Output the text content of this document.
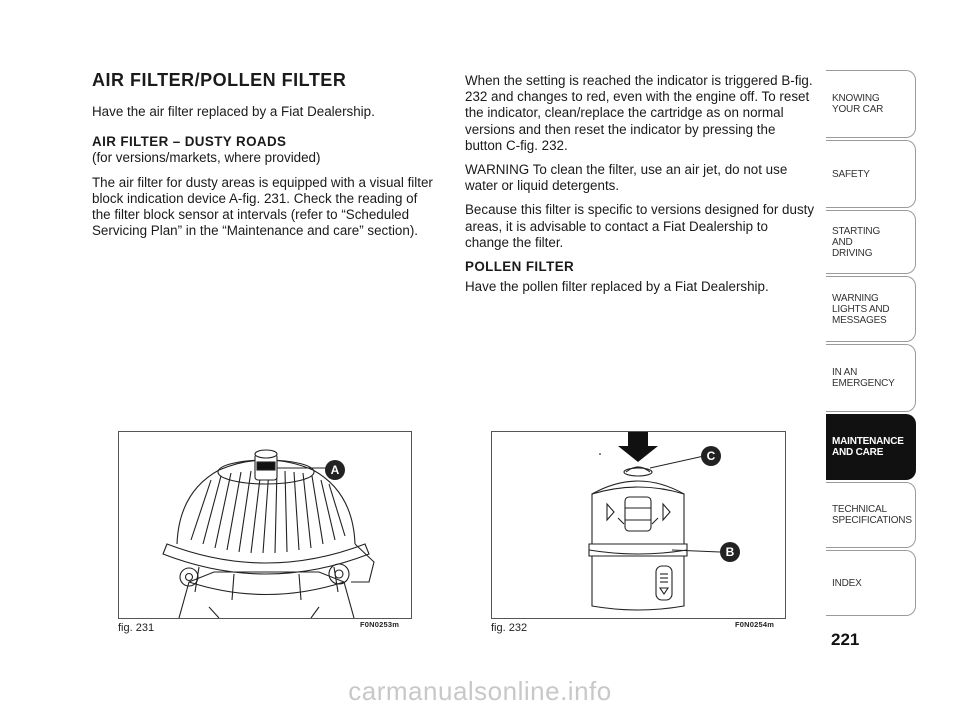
AIR FILTER/POLLEN FILTER

Have the air filter replaced by a Fiat Dealership.

AIR FILTER – DUSTY ROADS

(for versions/markets, where provided)

The air filter for dusty areas is equipped with a visual filter block indication device A-fig. 231. Check the reading of the filter block sensor at intervals (refer to “Scheduled Servicing Plan” in the “Maintenance and care” section).

When the setting is reached the indicator is triggered B-fig. 232 and changes to red, even with the engine off. To reset the indicator, clean/replace the cartridge as on normal versions and then reset the indicator by pressing the button C-fig. 232.

WARNING To clean the filter, use an air jet, do not use water or liquid detergents.

Because this filter is specific to versions designed for dusty areas, it is advisable to contact a Fiat Dealership to change the filter.

POLLEN FILTER

Have the pollen filter replaced by a Fiat Dealership.

A
fig. 231	F0N0253m
C
B
fig. 232	F0N0254m
KNOWING
YOUR CAR
SAFETY
STARTING
AND
DRIVING
WARNING
LIGHTS AND
MESSAGES
IN AN
EMERGENCY
MAINTENANCE
AND CARE
TECHNICAL
SPECIFICATIONS
INDEX
221
carmanualsonline.info
